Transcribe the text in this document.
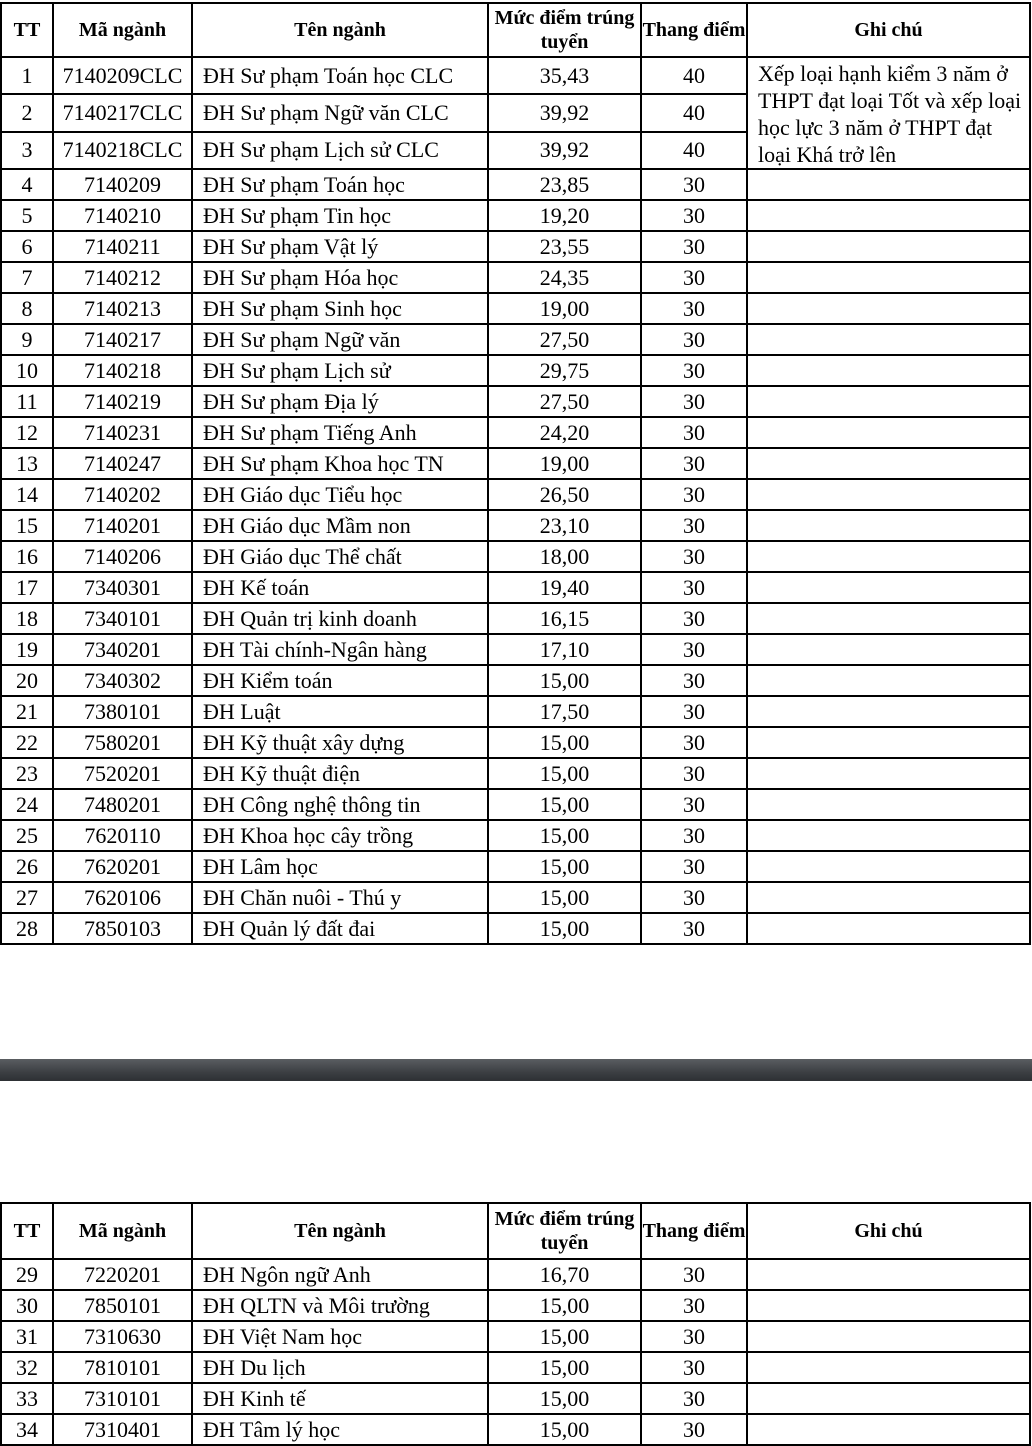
TT	Mã ngành	Tên ngành	Mức điểm trúng tuyển	Thang điểm	Ghi chú
1	7140209CLC	ĐH Sư phạm Toán học CLC	35,43	40	Xếp loại hạnh kiểm 3 năm ở THPT đạt loại Tốt và xếp loại học lực 3 năm ở THPT đạt loại Khá trở lên
2	7140217CLC	ĐH Sư phạm Ngữ văn CLC	39,92	40	
3	7140218CLC	ĐH Sư phạm Lịch sử CLC	39,92	40	
4	7140209	ĐH Sư phạm Toán học	23,85	30	
5	7140210	ĐH Sư phạm Tin học	19,20	30	
6	7140211	ĐH Sư phạm Vật lý	23,55	30	
7	7140212	ĐH Sư phạm Hóa học	24,35	30	
8	7140213	ĐH Sư phạm Sinh học	19,00	30	
9	7140217	ĐH Sư phạm Ngữ văn	27,50	30	
10	7140218	ĐH Sư phạm Lịch sử	29,75	30	
11	7140219	ĐH Sư phạm Địa lý	27,50	30	
12	7140231	ĐH Sư phạm Tiếng Anh	24,20	30	
13	7140247	ĐH Sư phạm Khoa học TN	19,00	30	
14	7140202	ĐH Giáo dục Tiểu học	26,50	30	
15	7140201	ĐH Giáo dục Mầm non	23,10	30	
16	7140206	ĐH Giáo dục Thể chất	18,00	30	
17	7340301	ĐH Kế toán	19,40	30	
18	7340101	ĐH Quản trị kinh doanh	16,15	30	
19	7340201	ĐH Tài chính-Ngân hàng	17,10	30	
20	7340302	ĐH Kiểm toán	15,00	30	
21	7380101	ĐH Luật	17,50	30	
22	7580201	ĐH Kỹ thuật xây dựng	15,00	30	
23	7520201	ĐH Kỹ thuật điện	15,00	30	
24	7480201	ĐH Công nghệ thông tin	15,00	30	
25	7620110	ĐH Khoa học cây trồng	15,00	30	
26	7620201	ĐH Lâm học	15,00	30	
27	7620106	ĐH Chăn nuôi - Thú y	15,00	30	
28	7850103	ĐH Quản lý đất đai	15,00	30	
TT	Mã ngành	Tên ngành	Mức điểm trúng tuyển	Thang điểm	Ghi chú
29	7220201	ĐH Ngôn ngữ Anh	16,70	30	
30	7850101	ĐH QLTN và Môi trường	15,00	30	
31	7310630	ĐH Việt Nam học	15,00	30	
32	7810101	ĐH Du lịch	15,00	30	
33	7310101	ĐH Kinh tế	15,00	30	
34	7310401	ĐH Tâm lý học	15,00	30	
